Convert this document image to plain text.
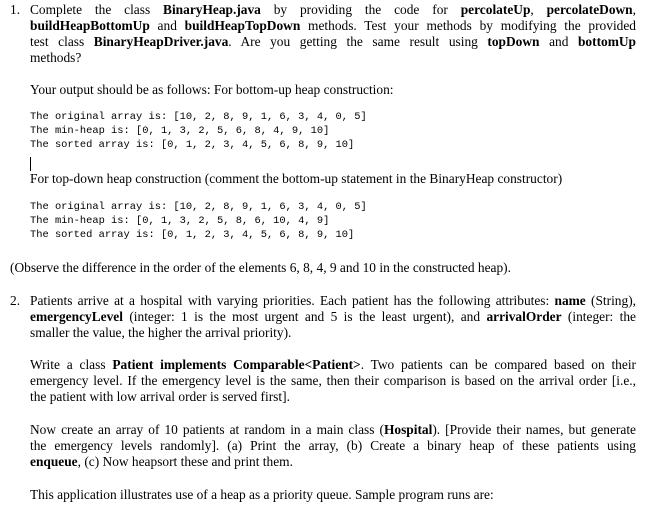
1. Complete the class BinaryHeap.java by providing the code for percolateUp, percolateDown,
buildHeapBottomUp and buildHeapTopDown methods. Test your methods by modifying the provided
test class BinaryHeapDriver.java. Are you getting the same result using topDown and bottomUp
methods?
Your output should be as follows: For bottom-up heap construction:
The original array is: [10, 2, 8, 9, 1, 6, 3, 4, 0, 5]
The min-heap is: [0, 1, 3, 2, 5, 6, 8, 4, 9, 10]
The sorted array is: [0, 1, 2, 3, 4, 5, 6, 8, 9, 10]
For top-down heap construction (comment the bottom-up statement in the BinaryHeap constructor)
The original array is: [10, 2, 8, 9, 1, 6, 3, 4, 0, 5]
The min-heap is: [0, 1, 3, 2, 5, 8, 6, 10, 4, 9]
The sorted array is: [0, 1, 2, 3, 4, 5, 6, 8, 9, 10]
(Observe the difference in the order of the elements 6, 8, 4, 9 and 10 in the constructed heap).
2. Patients arrive at a hospital with varying priorities. Each patient has the following attributes: name (String),
emergencyLevel (integer: 1 is the most urgent and 5 is the least urgent), and arrivalOrder (integer: the
smaller the value, the higher the arrival priority).
Write a class Patient implements Comparable<Patient>. Two patients can be compared based on their
emergency level. If the emergency level is the same, then their comparison is based on the arrival order [i.e.,
the patient with low arrival order is served first].
Now create an array of 10 patients at random in a main class (Hospital). [Provide their names, but generate
the emergency levels randomly]. (a) Print the array, (b) Create a binary heap of these patients using
enqueue, (c) Now heapsort these and print them.
This application illustrates use of a heap as a priority queue. Sample program runs are:
